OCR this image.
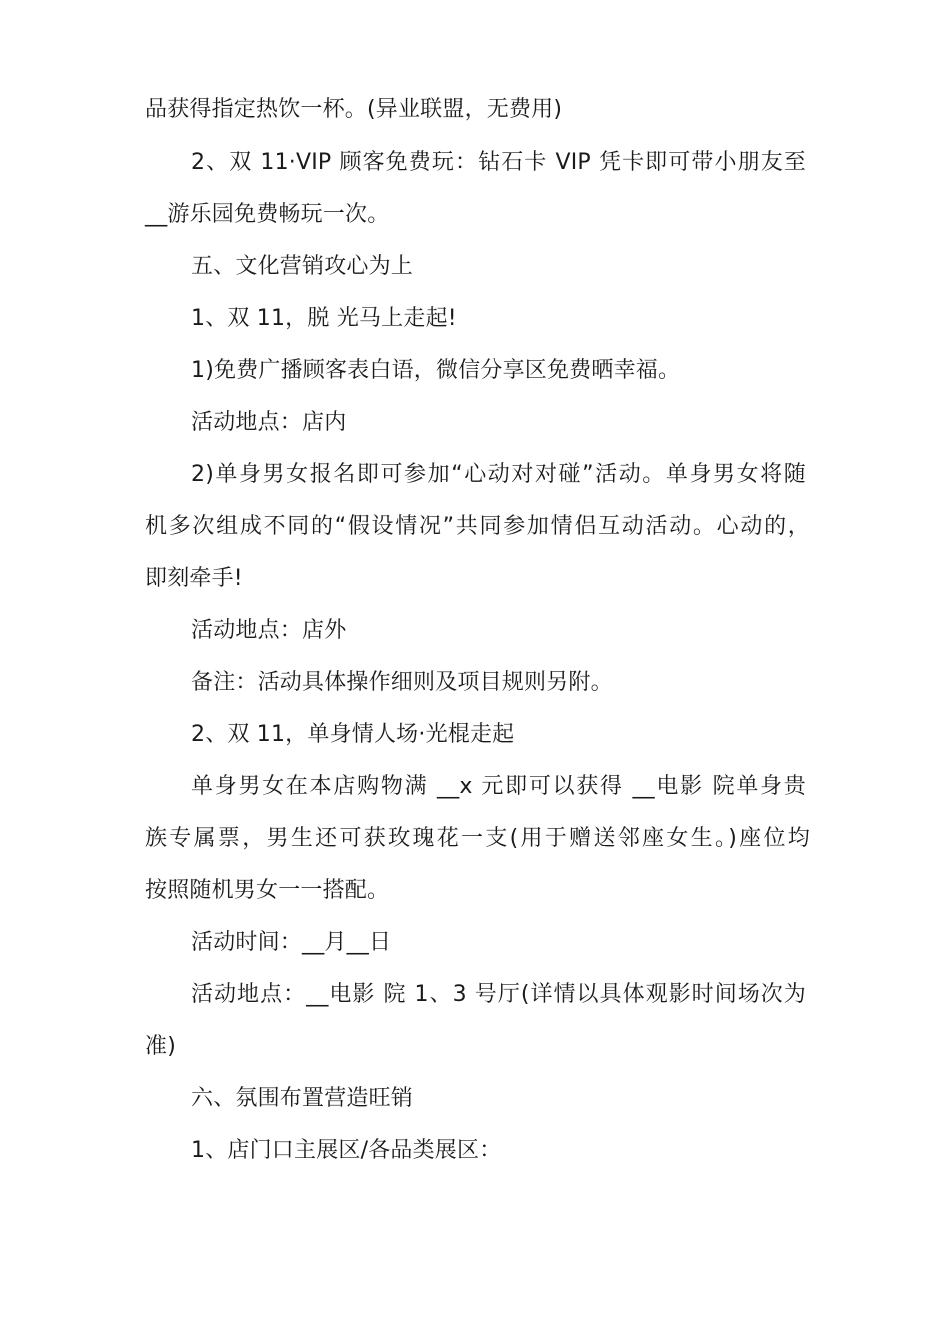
品获得指定热饮一杯。(异业联盟，无费用)
2、双 11·VIP 顾客免费玩：钻石卡 VIP 凭卡即可带小朋友至
__游乐园免费畅玩一次。
五、文化营销攻心为上
1、双 11，脱 光马上走起!
1)免费广播顾客表白语，微信分享区免费晒幸福。
活动地点：店内
2)单身男女报名即可参加“心动对对碰”活动。单身男女将随
机多次组成不同的“假设情况”共同参加情侣互动活动。心动的，
即刻牵手!
活动地点：店外
备注：活动具体操作细则及项目规则另附。
2、双 11，单身情人场·光棍走起
单身男女在本店购物满 __x 元即可以获得 __电影 院单身贵
族专属票，男生还可获玫瑰花一支(用于赠送邻座女生。)座位均
按照随机男女一一搭配。
活动时间：__月__日
活动地点：__电影 院 1、3 号厅(详情以具体观影时间场次为
准)
六、氛围布置营造旺销
1、店门口主展区/各品类展区：
